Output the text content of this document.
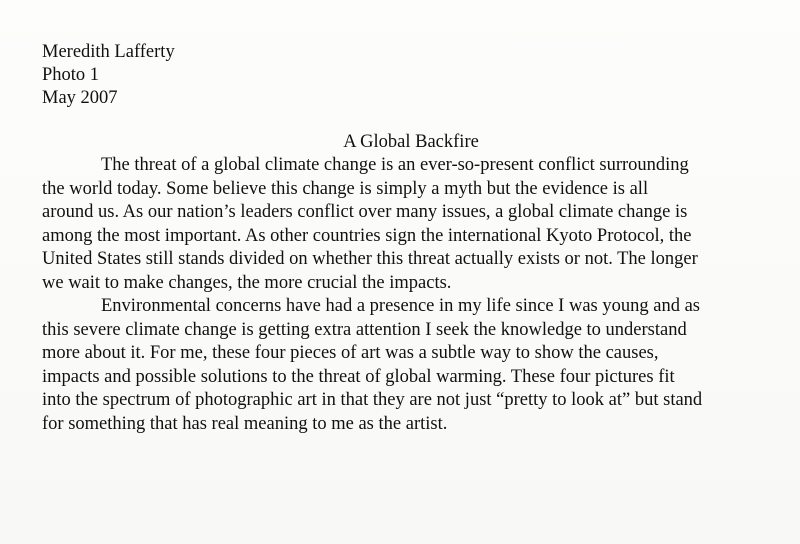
Meredith Lafferty
Photo 1
May 2007
A Global Backfire
The threat of a global climate change is an ever-so-present conflict surrounding
the world today. Some believe this change is simply a myth but the evidence is all
around us. As our nation’s leaders conflict over many issues, a global climate change is
among the most important. As other countries sign the international Kyoto Protocol, the
United States still stands divided on whether this threat actually exists or not. The longer
we wait to make changes, the more crucial the impacts.
Environmental concerns have had a presence in my life since I was young and as
this severe climate change is getting extra attention I seek the knowledge to understand
more about it. For me, these four pieces of art was a subtle way to show the causes,
impacts and possible solutions to the threat of global warming. These four pictures fit
into the spectrum of photographic art in that they are not just “pretty to look at” but stand
for something that has real meaning to me as the artist.
